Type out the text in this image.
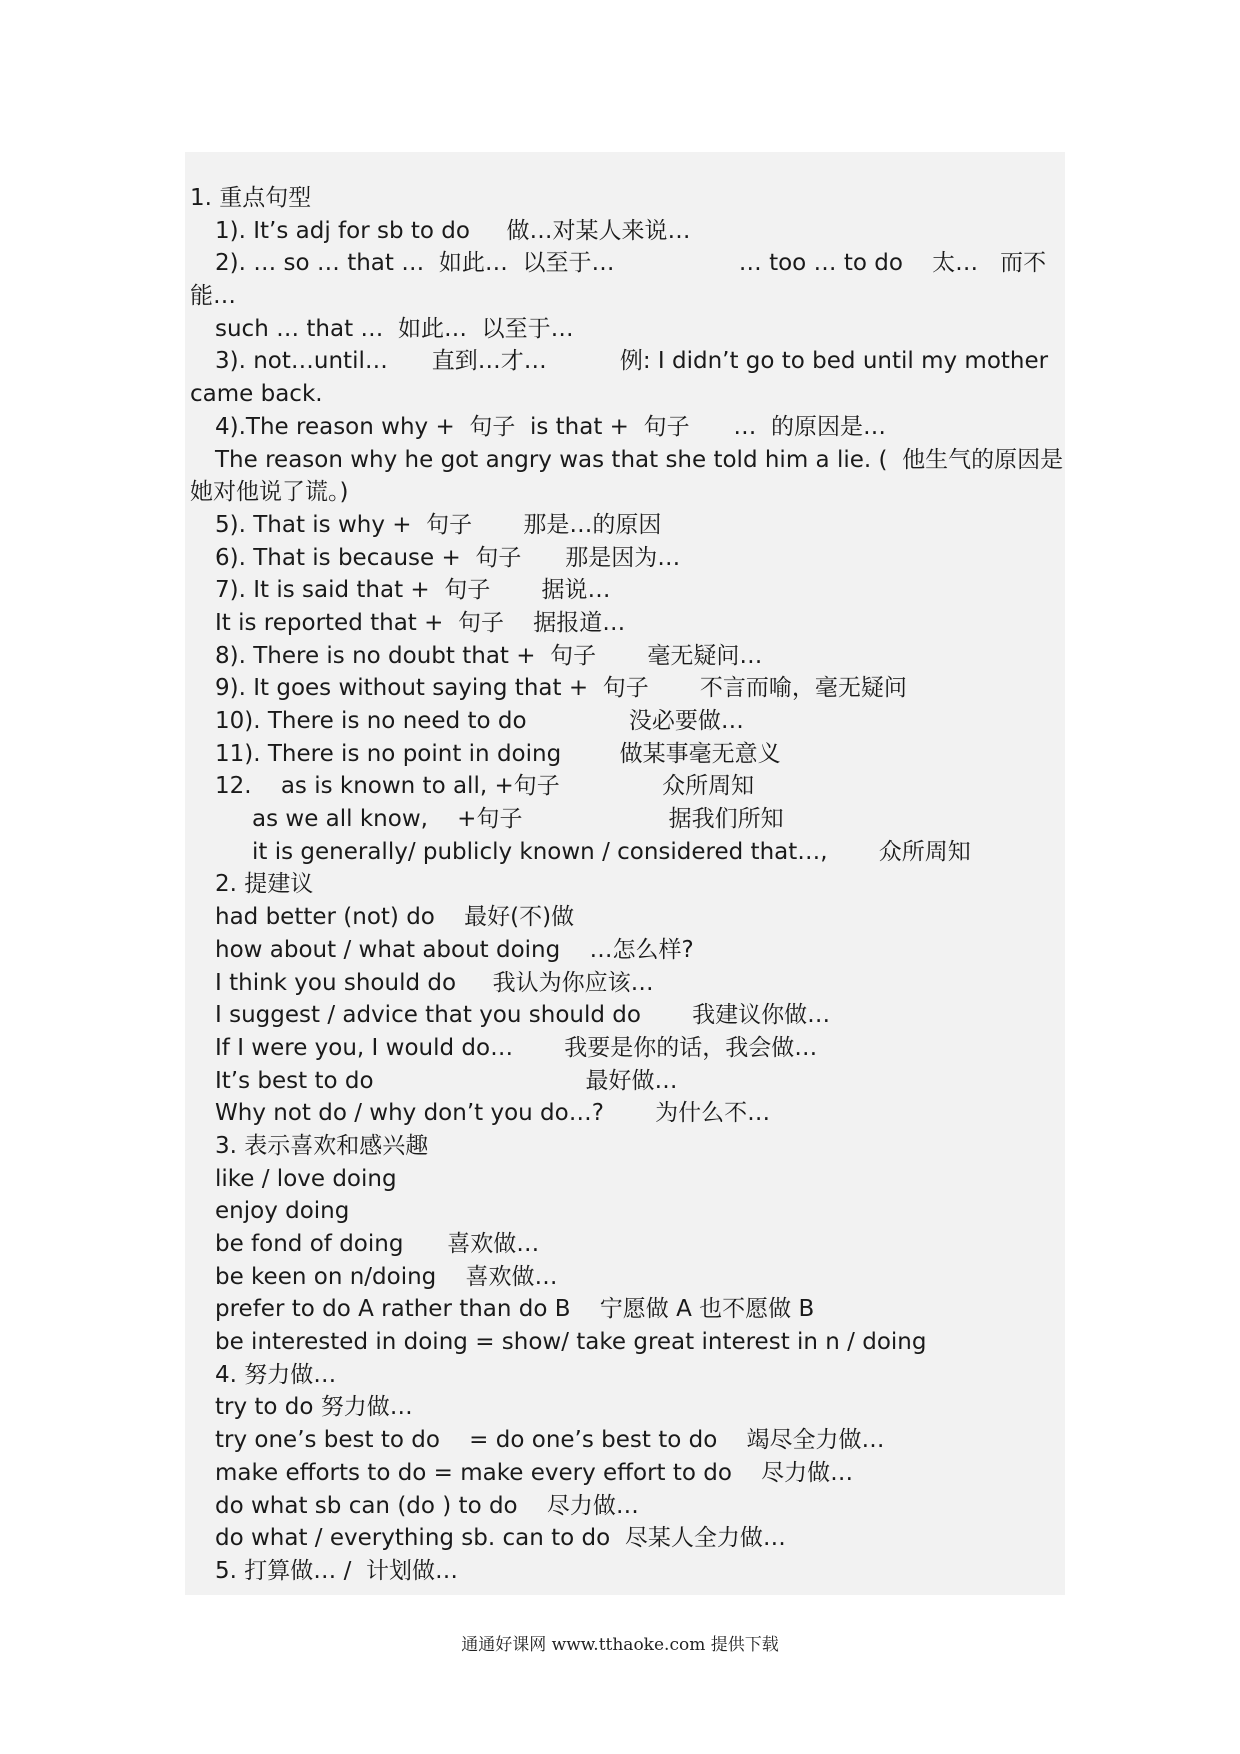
1. 重点句型
1). It’s adj for sb to do     做…对某人来说…
2). … so … that …  如此…  以至于…                 … too … to do    太…   而不
能…
such … that …  如此…  以至于…
3). not…until…      直到…才…          例: I didn’t go to bed until my mother
came back.
4).The reason why +  句子  is that +  句子      …  的原因是…
The reason why he got angry was that she told him a lie. (  他生气的原因是
她对他说了谎。)
5). That is why +  句子       那是…的原因
6). That is because +  句子      那是因为…
7). It is said that +  句子       据说…
It is reported that +  句子    据报道…
8). There is no doubt that +  句子       毫无疑问…
9). It goes without saying that +  句子       不言而喻，毫无疑问
10). There is no need to do              没必要做…
11). There is no point in doing        做某事毫无意义
12.    as is known to all, +句子              众所周知
as we all know,    +句子                    据我们所知
it is generally/ publicly known / considered that…,       众所周知
2. 提建议
had better (not) do    最好(不)做
how about / what about doing    …怎么样?
I think you should do     我认为你应该…
I suggest / advice that you should do       我建议你做…
If I were you, I would do…       我要是你的话，我会做…
It’s best to do                             最好做…
Why not do / why don’t you do…?       为什么不…
3. 表示喜欢和感兴趣
like / love doing
enjoy doing
be fond of doing      喜欢做…
be keen on n/doing    喜欢做…
prefer to do A rather than do B    宁愿做 A 也不愿做 B
be interested in doing = show/ take great interest in n / doing
4. 努力做…
try to do 努力做…
try one’s best to do    = do one’s best to do    竭尽全力做…
make efforts to do = make every effort to do    尽力做…
do what sb can (do ) to do    尽力做…
do what / everything sb. can to do  尽某人全力做…
5. 打算做… /  计划做…
通通好课网 www.tthaoke.com 提供下载
